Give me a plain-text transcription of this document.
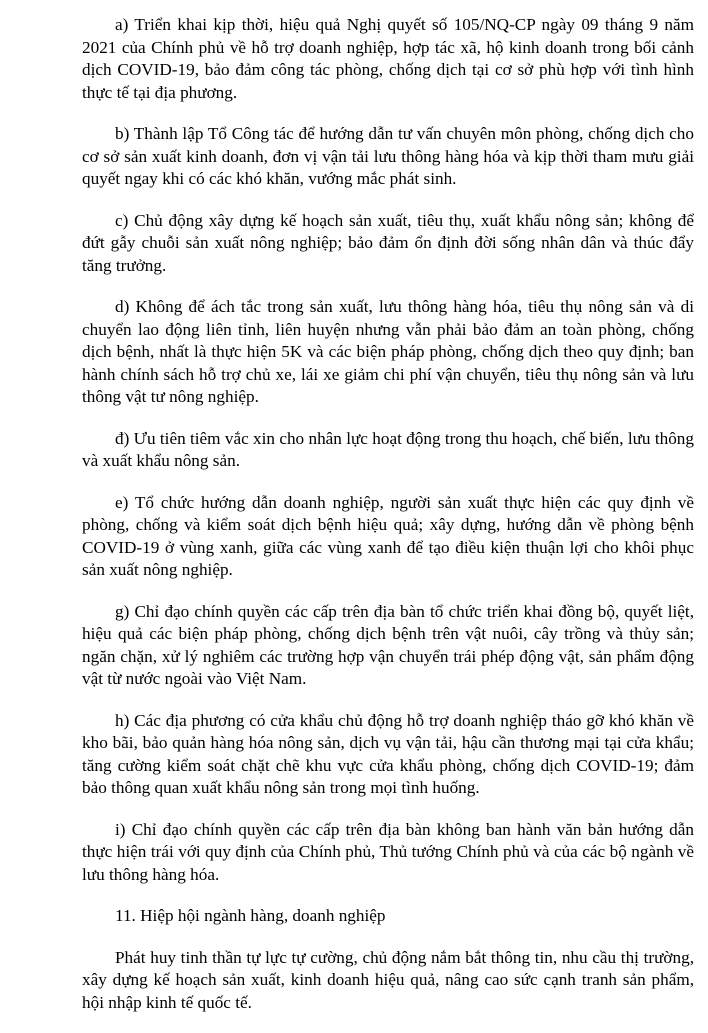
a) Triển khai kịp thời, hiệu quả Nghị quyết số 105/NQ-CP ngày 09 tháng 9 năm 2021 của Chính phủ về hỗ trợ doanh nghiệp, hợp tác xã, hộ kinh doanh trong bối cảnh dịch COVID-19, bảo đảm công tác phòng, chống dịch tại cơ sở phù hợp với tình hình thực tế tại địa phương.

b) Thành lập Tổ Công tác để hướng dẫn tư vấn chuyên môn phòng, chống dịch cho cơ sở sản xuất kinh doanh, đơn vị vận tải lưu thông hàng hóa và kịp thời tham mưu giải quyết ngay khi có các khó khăn, vướng mắc phát sinh.

c) Chủ động xây dựng kế hoạch sản xuất, tiêu thụ, xuất khẩu nông sản; không để đứt gẫy chuỗi sản xuất nông nghiệp; bảo đảm ổn định đời sống nhân dân và thúc đẩy tăng trưởng.

d) Không để ách tắc trong sản xuất, lưu thông hàng hóa, tiêu thụ nông sản và di chuyển lao động liên tỉnh, liên huyện nhưng vẫn phải bảo đảm an toàn phòng, chống dịch bệnh, nhất là thực hiện 5K và các biện pháp phòng, chống dịch theo quy định; ban hành chính sách hỗ trợ chủ xe, lái xe giảm chi phí vận chuyển, tiêu thụ nông sản và lưu thông vật tư nông nghiệp.

đ) Ưu tiên tiêm vắc xin cho nhân lực hoạt động trong thu hoạch, chế biến, lưu thông và xuất khẩu nông sản.

e) Tổ chức hướng dẫn doanh nghiệp, người sản xuất thực hiện các quy định về phòng, chống và kiểm soát dịch bệnh hiệu quả; xây dựng, hướng dẫn về phòng bệnh COVID-19 ở vùng xanh, giữa các vùng xanh để tạo điều kiện thuận lợi cho khôi phục sản xuất nông nghiệp.

g) Chỉ đạo chính quyền các cấp trên địa bàn tổ chức triển khai đồng bộ, quyết liệt, hiệu quả các biện pháp phòng, chống dịch bệnh trên vật nuôi, cây trồng và thủy sản; ngăn chặn, xử lý nghiêm các trường hợp vận chuyển trái phép động vật, sản phẩm động vật từ nước ngoài vào Việt Nam.

h) Các địa phương có cửa khẩu chủ động hỗ trợ doanh nghiệp tháo gỡ khó khăn về kho bãi, bảo quản hàng hóa nông sản, dịch vụ vận tải, hậu cần thương mại tại cửa khẩu; tăng cường kiểm soát chặt chẽ khu vực cửa khẩu phòng, chống dịch COVID-19; đảm bảo thông quan xuất khẩu nông sản trong mọi tình huống.

i) Chỉ đạo chính quyền các cấp trên địa bàn không ban hành văn bản hướng dẫn thực hiện trái với quy định của Chính phủ, Thủ tướng Chính phủ và của các bộ ngành về lưu thông hàng hóa.

11. Hiệp hội ngành hàng, doanh nghiệp

Phát huy tinh thần tự lực tự cường, chủ động nắm bắt thông tin, nhu cầu thị trường, xây dựng kế hoạch sản xuất, kinh doanh hiệu quả, nâng cao sức cạnh tranh sản phẩm, hội nhập kinh tế quốc tế.
